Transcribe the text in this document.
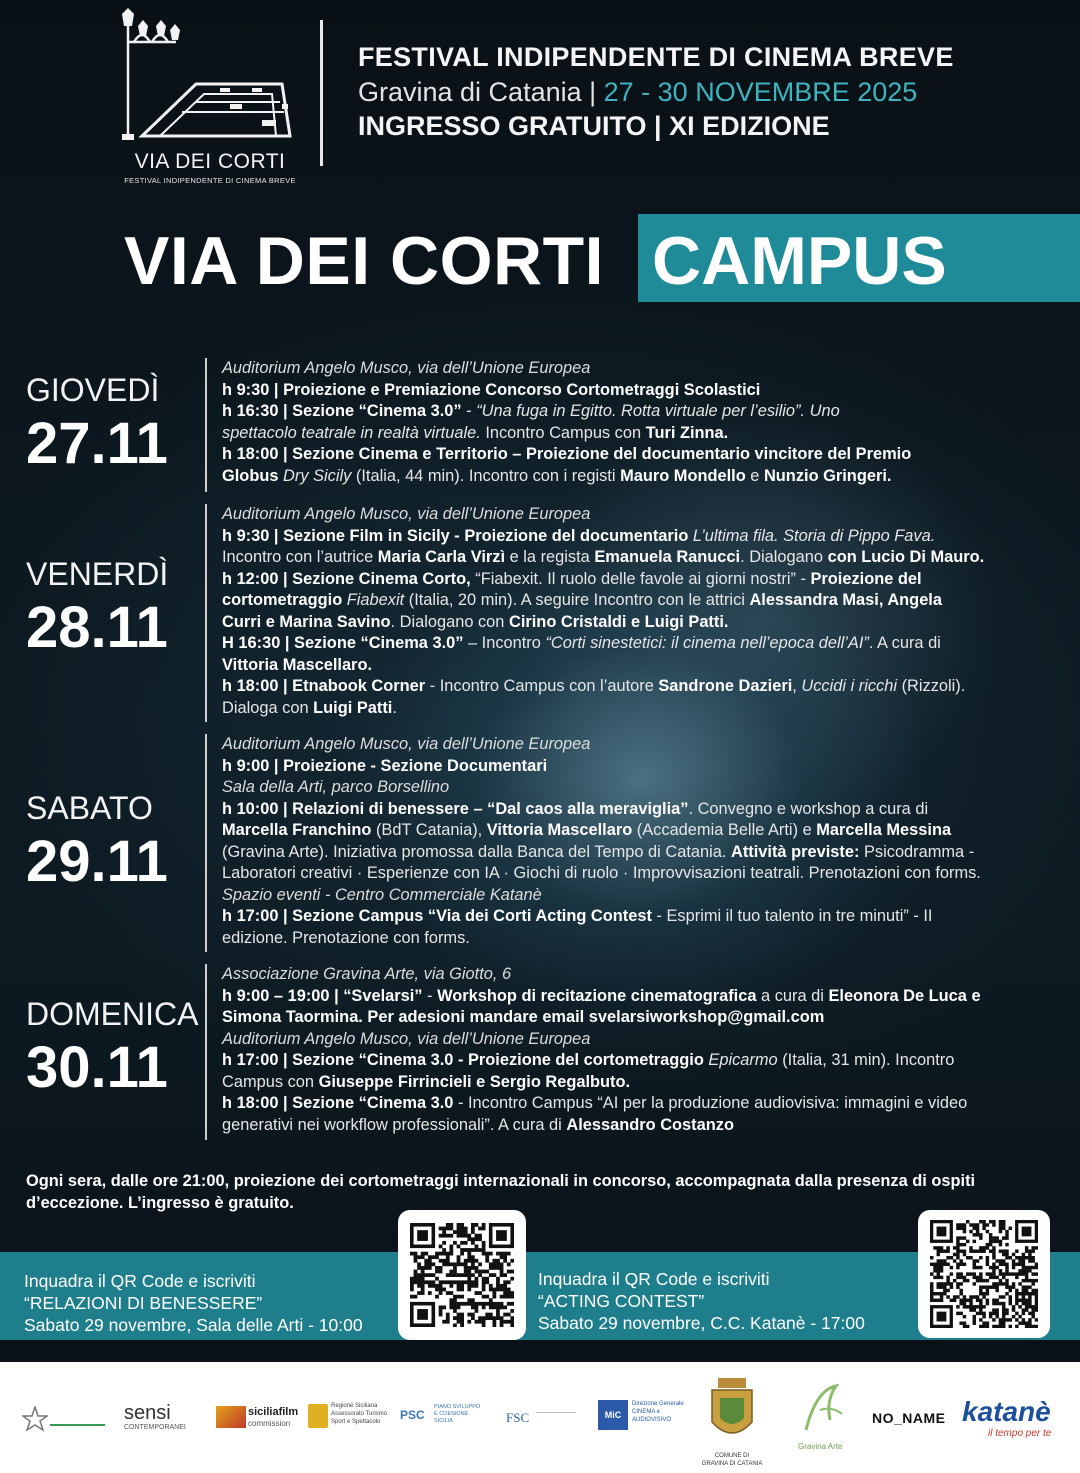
VIA DEI CORTI
FESTIVAL INDIPENDENTE DI CINEMA BREVE
FESTIVAL INDIPENDENTE DI CINEMA BREVE
Gravina di Catania | 27 - 30 NOVEMBRE 2025
INGRESSO GRATUITO | XI EDIZIONE
VIA DEI CORTI CAMPUS
GIOVEDÌ
27.11

Auditorium Angelo Musco, via dell’Unione Europea

h 9:30 | Proiezione e Premiazione Concorso Cortometraggi Scolastici

h 16:30 | Sezione “Cinema 3.0” - “Una fuga in Egitto. Rotta virtuale per l’esilio”. Uno

spettacolo teatrale in realtà virtuale. Incontro Campus con Turi Zinna.

h 18:00 | Sezione Cinema e Territorio – Proiezione del documentario vincitore del Premio

Globus Dry Sicily (Italia, 44 min). Incontro con i registi Mauro Mondello e Nunzio Gringeri.

VENERDÌ
28.11

Auditorium Angelo Musco, via dell’Unione Europea

h 9:30 | Sezione Film in Sicily - Proiezione del documentario L’ultima fila. Storia di Pippo Fava.

Incontro con l’autrice Maria Carla Virzì e la regista Emanuela Ranucci. Dialogano con Lucio Di Mauro.

h 12:00 | Sezione Cinema Corto, “Fiabexit. Il ruolo delle favole ai giorni nostri” - Proiezione del

cortometraggio Fiabexit (Italia, 20 min). A seguire Incontro con le attrici Alessandra Masi, Angela

Curri e Marina Savino. Dialogano con Cirino Cristaldi e Luigi Patti.

H 16:30 | Sezione “Cinema 3.0” – Incontro “Corti sinestetici: il cinema nell’epoca dell’AI”. A cura di

Vittoria Mascellaro.

h 18:00 | Etnabook Corner - Incontro Campus con l’autore Sandrone Dazieri, Uccidi i ricchi (Rizzoli).

Dialoga con Luigi Patti.

SABATO
29.11

Auditorium Angelo Musco, via dell’Unione Europea

h 9:00 | Proiezione - Sezione Documentari

Sala della Arti, parco Borsellino

h 10:00 | Relazioni di benessere – “Dal caos alla meraviglia”. Convegno e workshop a cura di

Marcella Franchino (BdT Catania), Vittoria Mascellaro (Accademia Belle Arti) e Marcella Messina

(Gravina Arte). Iniziativa promossa dalla Banca del Tempo di Catania. Attività previste: Psicodramma -

Laboratori creativi · Esperienze con IA · Giochi di ruolo · Improvvisazioni teatrali. Prenotazioni con forms.

Spazio eventi - Centro Commerciale Katanè

h 17:00 | Sezione Campus “Via dei Corti Acting Contest - Esprimi il tuo talento in tre minuti” - II

edizione. Prenotazione con forms.

DOMENICA
30.11

Associazione Gravina Arte, via Giotto, 6

h 9:00 – 19:00 | “Svelarsi” - Workshop di recitazione cinematografica a cura di Eleonora De Luca e

Simona Taormina. Per adesioni mandare email svelarsiworkshop@gmail.com

Auditorium Angelo Musco, via dell’Unione Europea

h 17:00 | Sezione “Cinema 3.0 - Proiezione del cortometraggio Epicarmo (Italia, 31 min). Incontro

Campus con Giuseppe Firrincieli e Sergio Regalbuto.

h 18:00 | Sezione “Cinema 3.0 - Incontro Campus “AI per la produzione audiovisiva: immagini e video

generativi nei workflow professionali”. A cura di Alessandro Costanzo

Ogni sera, dalle ore 21:00, proiezione dei cortometraggi internazionali in concorso, accompagnata dalla presenza di ospiti d’eccezione. L’ingresso è gratuito.
Inquadra il QR Code e iscriviti
“RELAZIONI DI BENESSERE”
Sabato 29 novembre, Sala delle Arti - 10:00
Inquadra il QR Code e iscriviti
“ACTING CONTEST”
Sabato 29 novembre, C.C. Katanè - 17:00
sensi
CONTEMPORANEI
siciliafilm
commission
Regione Siciliana
Assessorato Turismo
Sport e Spettacolo	PSC
PIANO SVILUPPO
E COESIONE
SICILIA	FSC	MiC
Direzione Generale
CINEMA e
AUDIOVISIVO
COMUNE DI
GRAVINA DI CATANIA
Gravina Arte
NO_NAME katanè
il tempo per te
